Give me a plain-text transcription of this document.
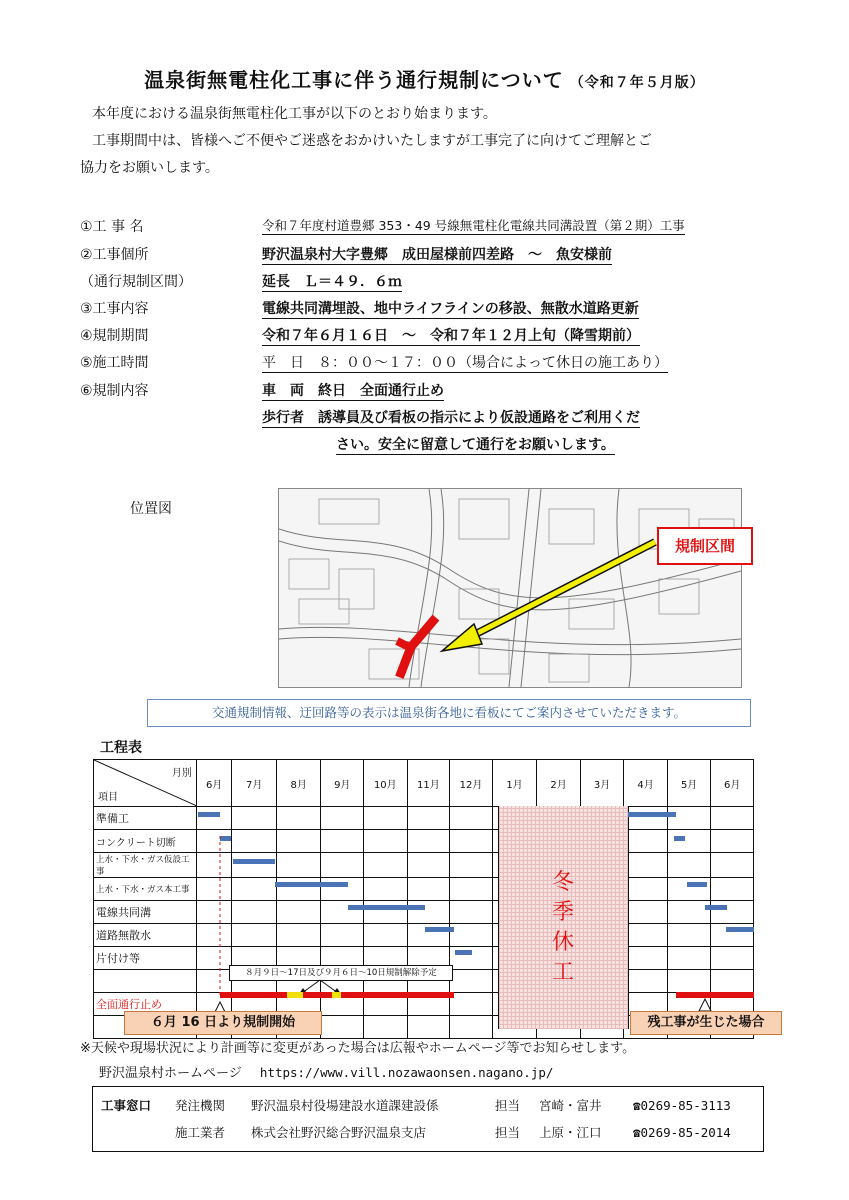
温泉街無電柱化工事に伴う通行規制について （令和７年５月版）
本年度における温泉街無電柱化工事が以下のとおり始まります。
工事期間中は、皆様へご不便やご迷惑をおかけいたしますが工事完了に向けてご理解とご
協力をお願いします。
①工 事 名	令和７年度村道豊郷 353・49 号線無電柱化電線共同溝設置（第２期）工事
②工事個所	野沢温泉村大字豊郷　成田屋様前四差路　～　魚安様前
（通行規制区間）	延長　Ｌ＝４９．６ｍ
③工事内容	電線共同溝埋設、地中ライフラインの移設、無散水道路更新
④規制期間	令和７年６月１６日　～　令和７年１２月上旬（降雪期前）
⑤施工時間	平　日　８：００～１７：００（場合によって休日の施工あり）
⑥規制内容	車　両　終日　全面通行止め
歩行者　誘導員及び看板の指示により仮設通路をご利用くだ
さい。安全に留意して通行をお願いします。
位置図
規制区間
交通規制情報、迂回路等の表示は温泉街各地に看板にてご案内させていただきます。
工程表
月別
項目	6月	7月	8月	9月	10月	11月	12月	1月	2月	3月	4月	5月	6月
準備工													
コンクリート切断													
上水・下水・ガス仮設工事													
上水・下水・ガス本工事													
電線共同溝													
道路無散水													
片付け等													

全面通行止め													

冬
季
休
工
８月９日～17日及び９月６日～10日規制解除予定
６月 16 日より規制開始	残工事が生じた場合
※天候や現場状況により計画等に変更があった場合は広報やホームページ等でお知らせします。
野沢温泉村ホームページ https://www.vill.nozawaonsen.nagano.jp/
工事窓口 発注機関 野沢温泉村役場建設水道課建設係	担当 宮崎・富井	☎0269-85-3113
施工業者 株式会社野沢総合野沢温泉支店	担当 上原・江口	☎0269-85-2014
